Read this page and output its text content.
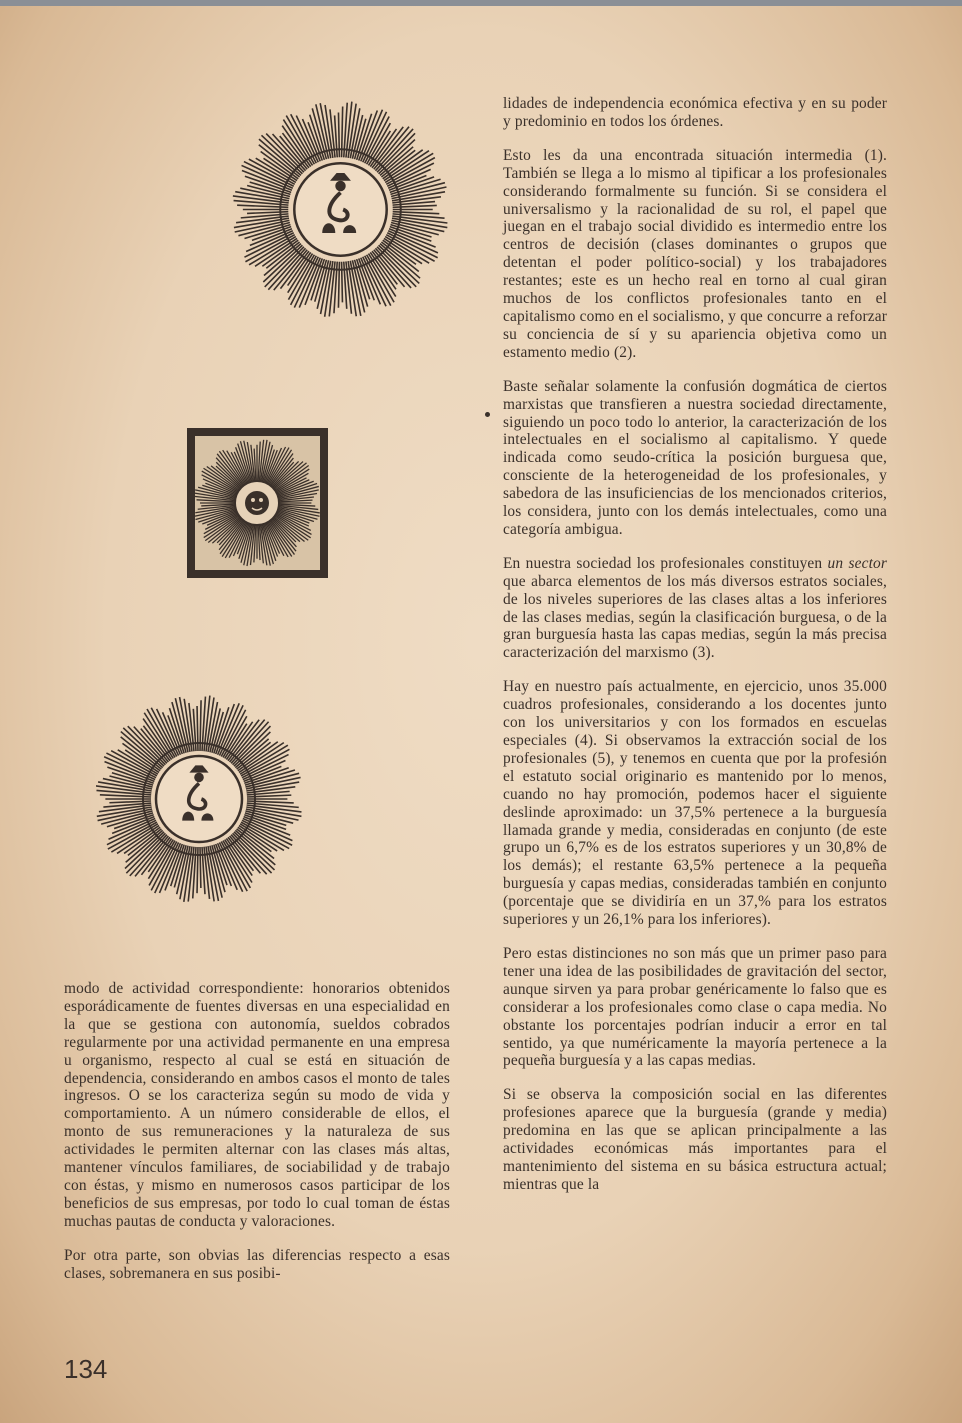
lidades de independencia económica efectiva y en su poder y predominio en todos los órdenes.

Esto les da una encontrada situación intermedia (1). También se llega a lo mismo al tipificar a los profesionales considerando formalmente su función. Si se considera el universalismo y la racionalidad de su rol, el papel que juegan en el trabajo social dividido es intermedio entre los centros de decisión (clases dominantes o grupos que detentan el poder político-social) y los trabajadores restantes; este es un hecho real en torno al cual giran muchos de los conflictos profesionales tanto en el capitalismo como en el socialismo, y que concurre a reforzar su conciencia de sí y su apariencia objetiva como un estamento medio (2).

Baste señalar solamente la confusión dogmática de ciertos marxistas que transfieren a nuestra sociedad directamente, siguiendo un poco todo lo anterior, la caracterización de los intelectuales en el socialismo al capitalismo. Y quede indicada como seudo-crítica la posición burguesa que, consciente de la heterogeneidad de los profesionales, y sabedora de las insuficiencias de los mencionados criterios, los considera, junto con los demás intelectuales, como una categoría ambigua.

En nuestra sociedad los profesionales constituyen un sector que abarca elementos de los más diversos estratos sociales, de los niveles superiores de las clases altas a los inferiores de las clases medias, según la clasificación burguesa, o de la gran burguesía hasta las capas medias, según la más precisa caracterización del marxismo (3).

Hay en nuestro país actualmente, en ejercicio, unos 35.000 cuadros profesionales, considerando a los docentes junto con los universitarios y con los formados en escuelas especiales (4). Si observamos la extracción social de los profesionales (5), y tenemos en cuenta que por la profesión el estatuto social originario es mantenido por lo menos, cuando no hay promoción, podemos hacer el siguiente deslinde aproximado: un 37,5% pertenece a la burguesía llamada grande y media, consideradas en conjunto (de este grupo un 6,7% es de los estratos superiores y un 30,8% de los demás); el restante 63,5% pertenece a la pequeña burguesía y capas medias, consideradas también en conjunto (porcentaje que se dividiría en un 37,% para los estratos superiores y un 26,1% para los inferiores).

Pero estas distinciones no son más que un primer paso para tener una idea de las posibilidades de gravitación del sector, aunque sirven ya para probar genéricamente lo falso que es considerar a los profesionales como clase o capa media. No obstante los porcentajes podrían inducir a error en tal sentido, ya que numéricamente la mayoría pertenece a la pequeña burguesía y a las capas medias.

Si se observa la composición social en las diferentes profesiones aparece que la burguesía (grande y media) predomina en las que se aplican principalmente a las actividades económicas más importantes para el mantenimiento del sistema en su básica estructura actual; mientras que la

modo de actividad correspondiente: honorarios obtenidos esporádicamente de fuentes diversas en una especialidad en la que se gestiona con autonomía, sueldos cobrados regularmente por una actividad permanente en una empresa u organismo, respecto al cual se está en situación de dependencia, considerando en ambos casos el monto de tales ingresos. O se los caracteriza según su modo de vida y comportamiento. A un número considerable de ellos, el monto de sus remuneraciones y la naturaleza de sus actividades le permiten alternar con las clases más altas, mantener vínculos familiares, de sociabilidad y de trabajo con éstas, y mismo en numerosos casos participar de los beneficios de sus empresas, por todo lo cual toman de éstas muchas pautas de conducta y valoraciones.

Por otra parte, son obvias las diferencias respecto a esas clases, sobremanera en sus posibi-

134
